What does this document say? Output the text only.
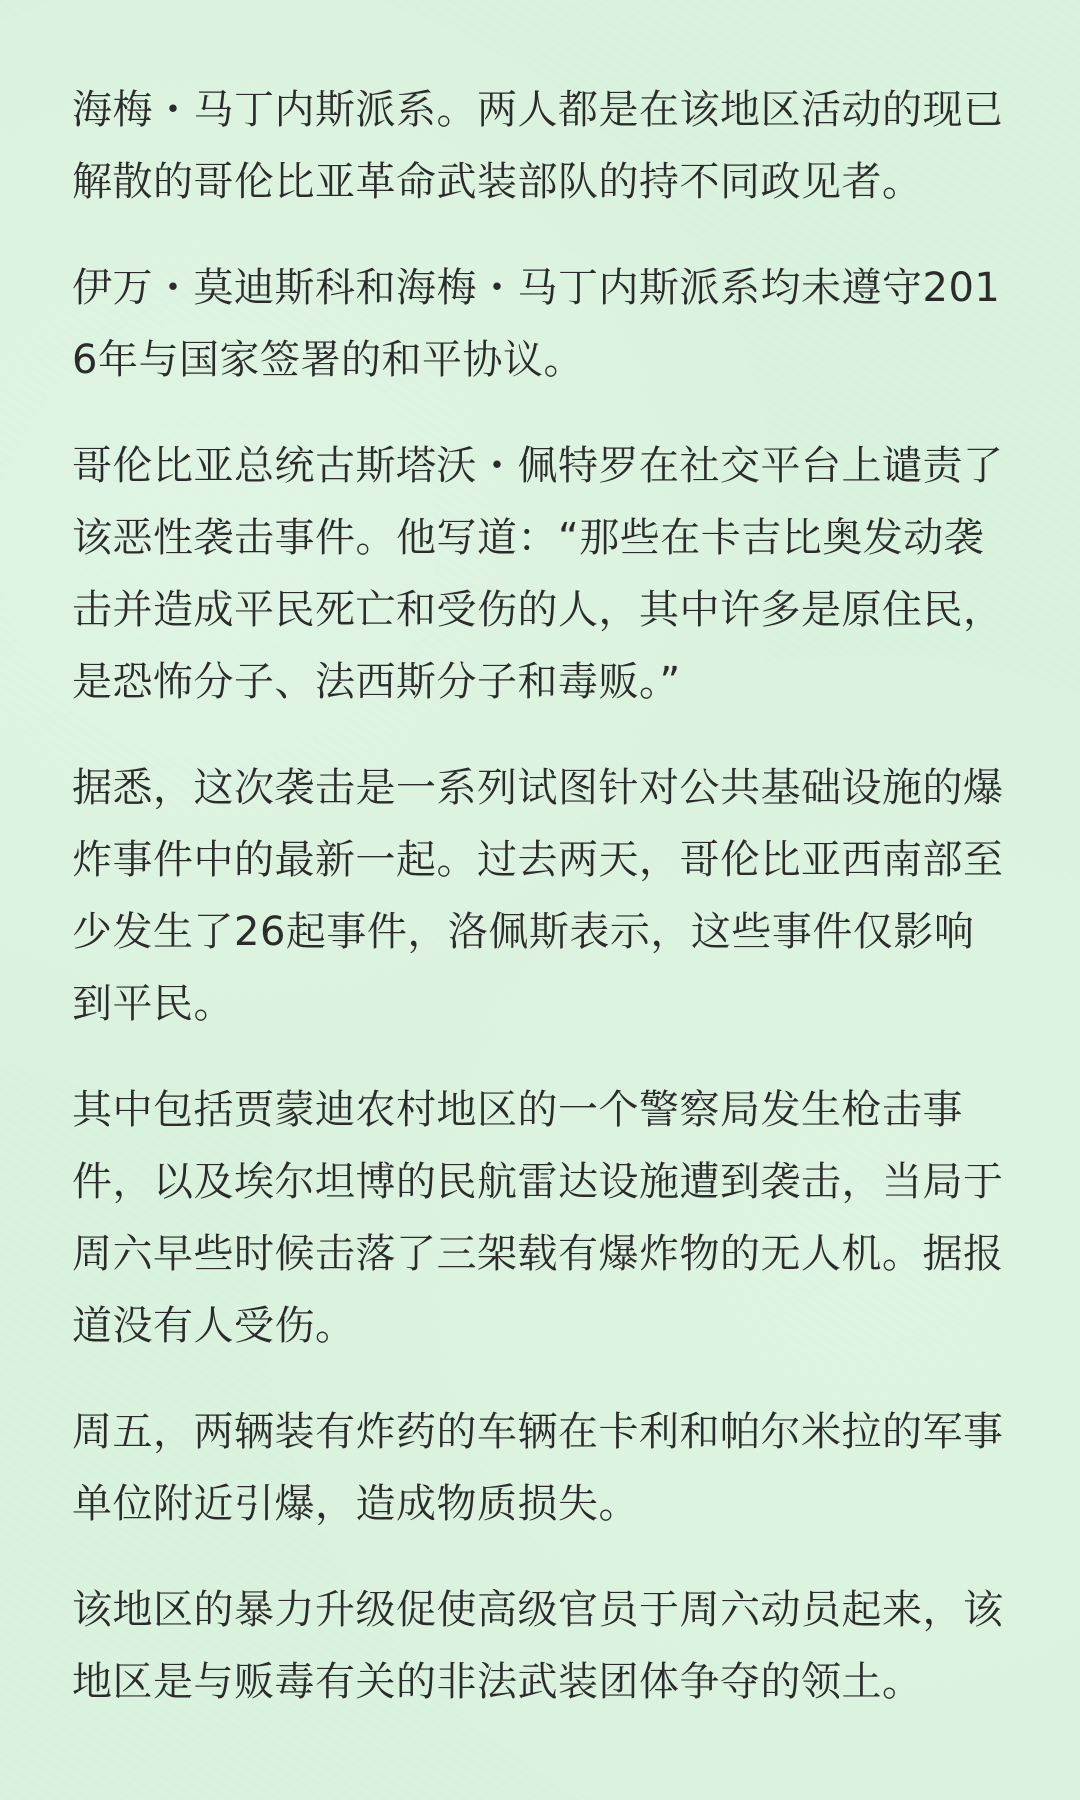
海梅・马丁内斯派系。两人都是在该地区活动的现已解散的哥伦比亚革命武装部队的持不同政见者。

伊万・莫迪斯科和海梅・马丁内斯派系均未遵守2016年与国家签署的和平协议。

哥伦比亚总统古斯塔沃・佩特罗在社交平台上谴责了该恶性袭击事件。他写道：“那些在卡吉比奥发动袭击并造成平民死亡和受伤的人，其中许多是原住民，是恐怖分子、法西斯分子和毒贩。”

据悉，这次袭击是一系列试图针对公共基础设施的爆炸事件中的最新一起。过去两天，哥伦比亚西南部至少发生了26起事件，洛佩斯表示，这些事件仅影响到平民。

其中包括贾蒙迪农村地区的一个警察局发生枪击事件，以及埃尔坦博的民航雷达设施遭到袭击，当局于周六早些时候击落了三架载有爆炸物的无人机。据报道没有人受伤。

周五，两辆装有炸药的车辆在卡利和帕尔米拉的军事单位附近引爆，造成物质损失。

该地区的暴力升级促使高级官员于周六动员起来，该地区是与贩毒有关的非法武装团体争夺的领土。
